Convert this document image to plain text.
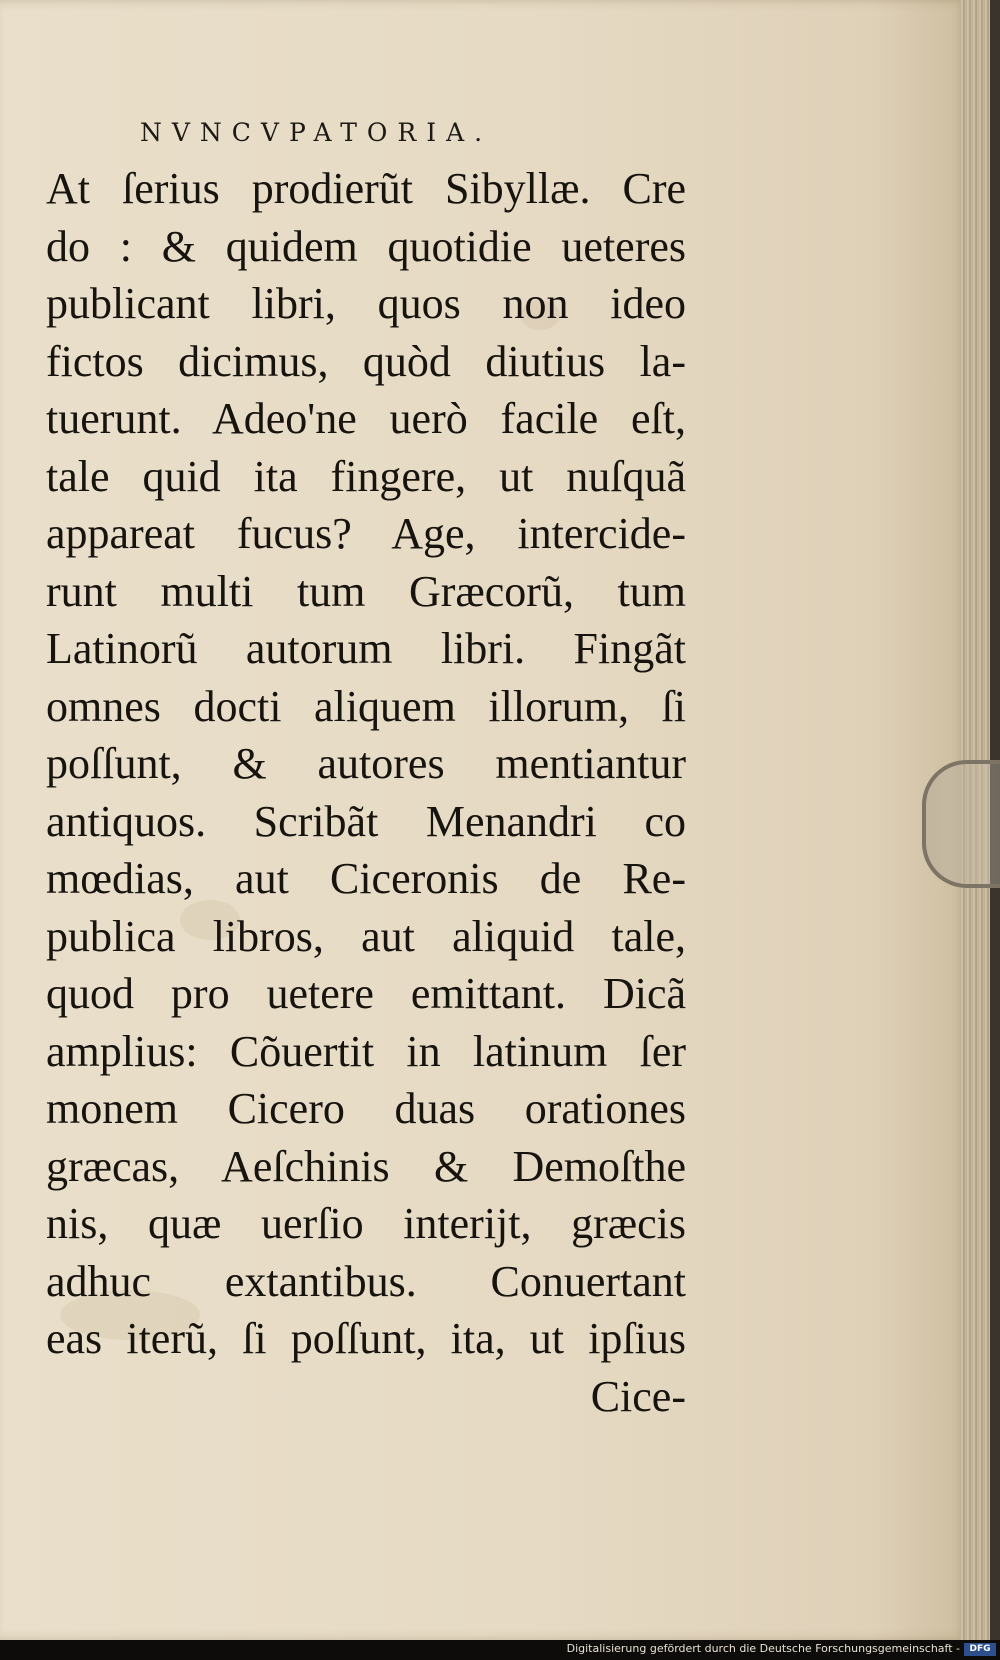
NVNCVPATORIA.
At ſerius prodierũt Sibyllæ. Cre
do : & quidem quotidie ueteres
publicant libri, quos non ideo
fictos dicimus, quòd diutius la-
tuerunt. Adeo'ne uerò facile eſt,
tale quid ita fingere, ut nuſquã
appareat fucus? Age, intercide-
runt multi tum Græcorũ, tum
Latinorũ autorum libri. Fingãt
omnes docti aliquem illorum, ſi
poſſunt, & autores mentiantur
antiquos. Scribãt Menandri co
mœdias, aut Ciceronis de Re-
publica libros, aut aliquid tale,
quod pro uetere emittant. Dicã
amplius: Cõuertit in latinum ſer
monem Cicero duas orationes
græcas, Aeſchinis & Demoſthe
nis, quæ uerſio interijt, græcis
adhuc extantibus. Conuertant
eas iterũ, ſi poſſunt, ita, ut ipſius
Cice-
Digitalisierung gefördert durch die Deutsche Forschungsgemeinschaft -	DFG
